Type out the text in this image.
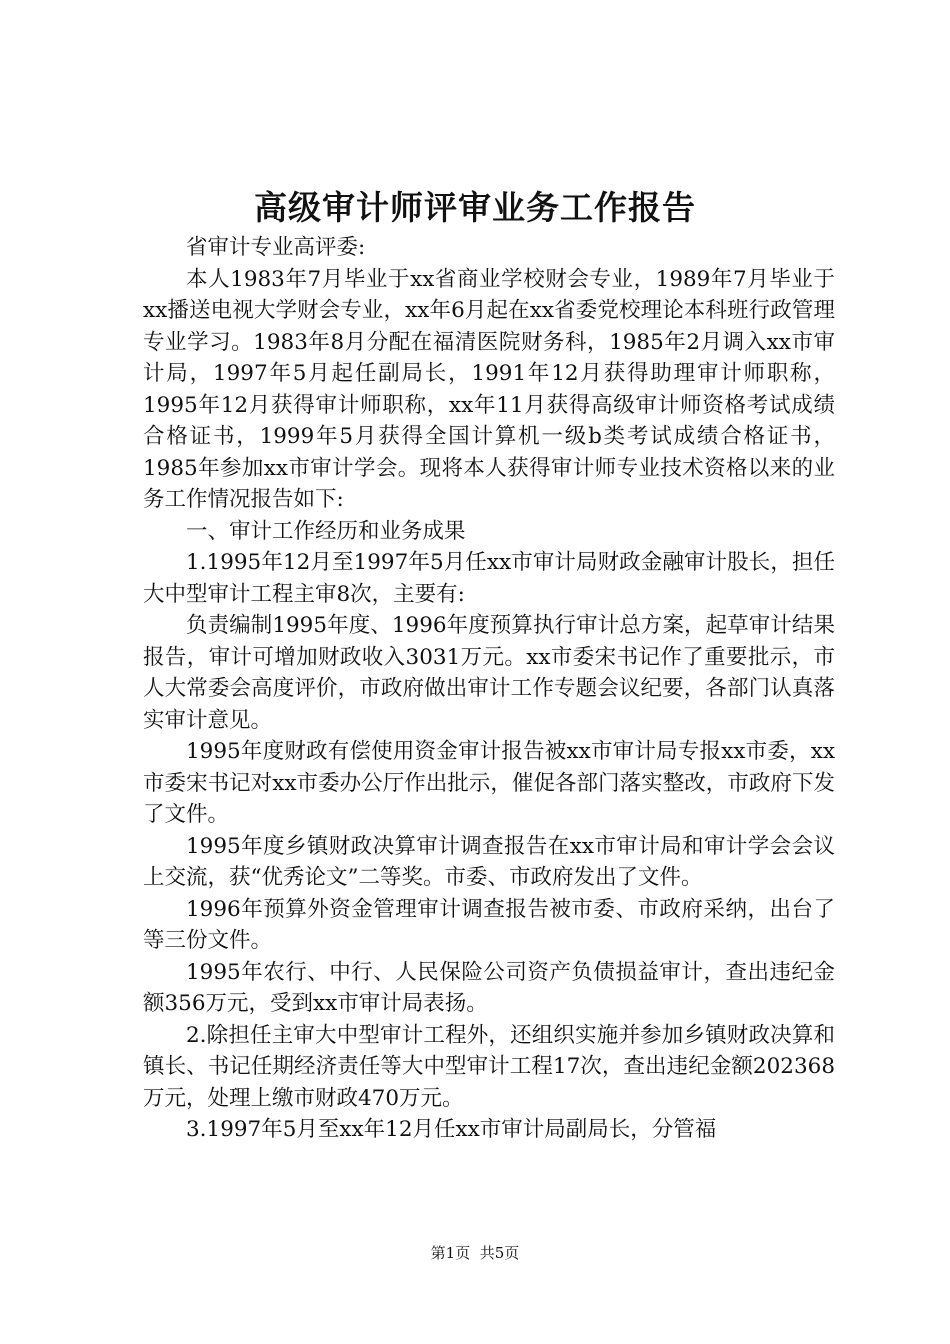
高级审计师评审业务工作报告

省审计专业高评委:

本人1983年7月毕业于xx省商业学校财会专业，1989年7月毕业于xx播送电视大学财会专业，xx年6月起在xx省委党校理论本科班行政管理专业学习。1983年8月分配在福清医院财务科，1985年2月调入xx市审计局，1997年5月起任副局长，1991年12月获得助理审计师职称，1995年12月获得审计师职称，xx年11月获得高级审计师资格考试成绩合格证书，1999年5月获得全国计算机一级b类考试成绩合格证书，1985年参加xx市审计学会。现将本人获得审计师专业技术资格以来的业务工作情况报告如下:

一、审计工作经历和业务成果

1.1995年12月至1997年5月任xx市审计局财政金融审计股长，担任大中型审计工程主审8次，主要有:

负责编制1995年度、1996年度预算执行审计总方案，起草审计结果报告，审计可增加财政收入3031万元。xx市委宋书记作了重要批示，市人大常委会高度评价，市政府做出审计工作专题会议纪要，各部门认真落实审计意见。

1995年度财政有偿使用资金审计报告被xx市审计局专报xx市委，xx市委宋书记对xx市委办公厅作出批示，催促各部门落实整改，市政府下发了文件。

1995年度乡镇财政决算审计调查报告在xx市审计局和审计学会会议上交流，获“优秀论文”二等奖。市委、市政府发出了文件。

1996年预算外资金管理审计调查报告被市委、市政府采纳，出台了等三份文件。

1995年农行、中行、人民保险公司资产负债损益审计，查出违纪金额356万元，受到xx市审计局表扬。

2.除担任主审大中型审计工程外，还组织实施并参加乡镇财政决算和镇长、书记任期经济责任等大中型审计工程17次，查出违纪金额202368万元，处理上缴市财政470万元。

3.1997年5月至xx年12月任xx市审计局副局长，分管福

第1页 共5页
